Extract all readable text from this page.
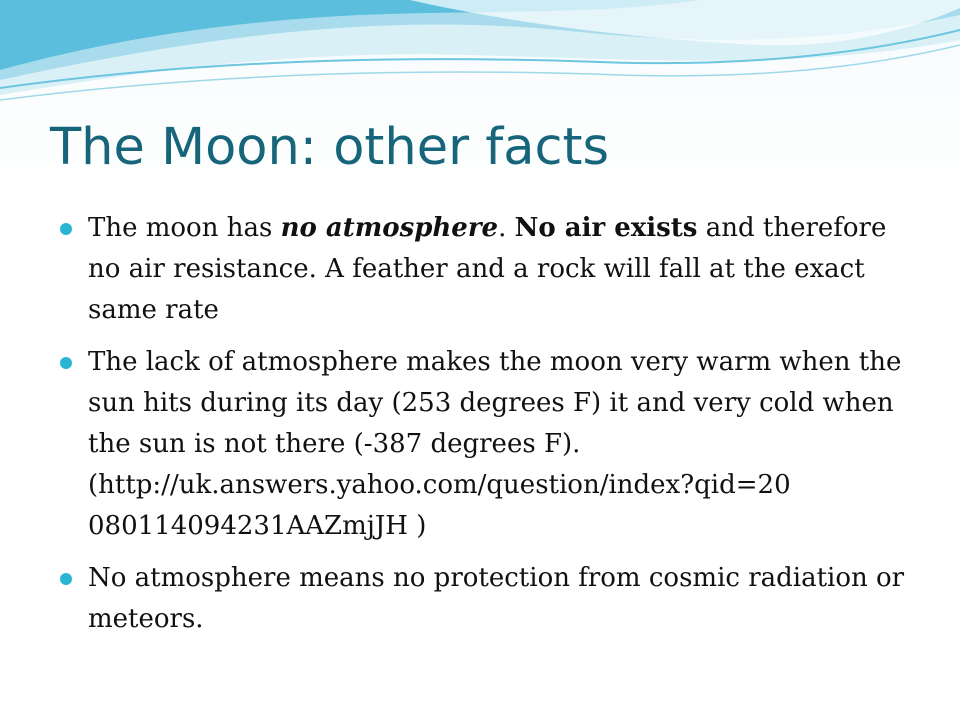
The Moon: other facts
The moon has no atmosphere. No air exists and therefore no air resistance. A feather and a rock will fall at the exact same rate
The lack of atmosphere makes the moon very warm when the sun hits during its day (253 degrees F) it and very cold when the sun is not there (-387 degrees F).
(http://uk.answers.yahoo.com/question/index?qid=20
080114094231AAZmjJH )
No atmosphere means no protection from cosmic radiation or meteors.
